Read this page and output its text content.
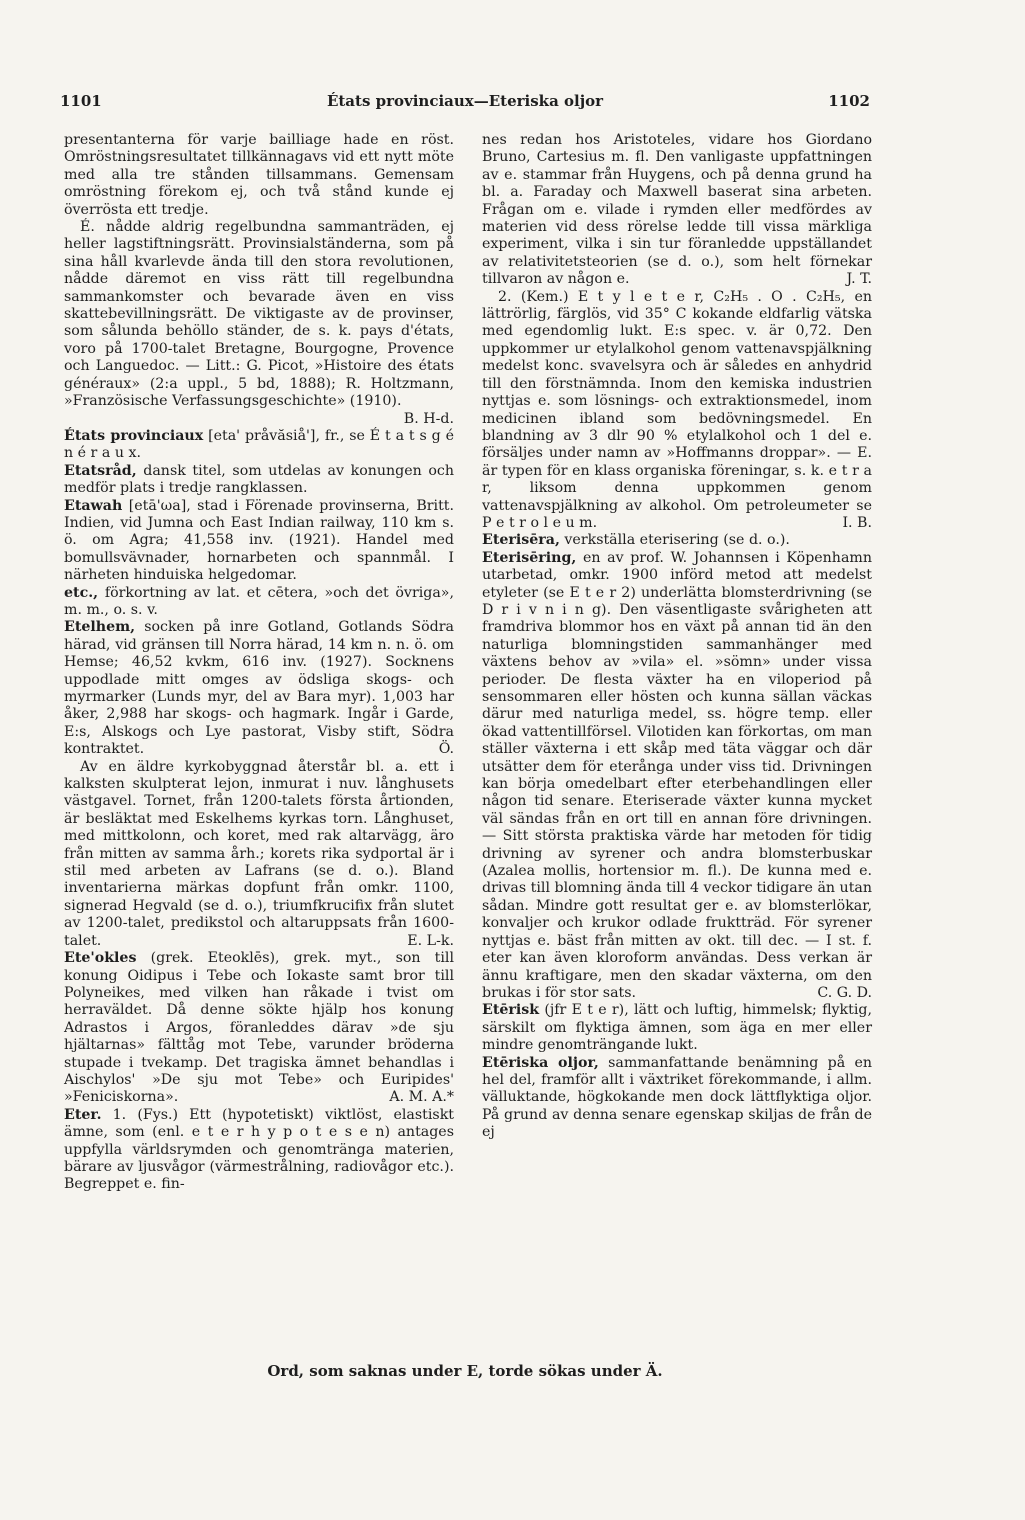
1101	États provinciaux—Eteriska oljor	1102

presentanterna för varje bailliage hade en röst. Omröstningsresultatet tillkännagavs vid ett nytt möte med alla tre stånden tillsammans. Gemensam omröstning förekom ej, och två stånd kunde ej överrösta ett tredje.

É. nådde aldrig regelbundna sammanträden, ej heller lagstiftningsrätt. Provinsialständerna, som på sina håll kvarlevde ända till den stora revolutionen, nådde däremot en viss rätt till regelbundna sammankomster och bevarade även en viss skattebevillningsrätt. De viktigaste av de provinser, som sålunda behöllo ständer, de s. k. pays d'états, voro på 1700-talet Bretagne, Bourgogne, Provence och Languedoc. — Litt.: G. Picot, »Histoire des états généraux» (2:a uppl., 5 bd, 1888); R. Holtzmann, »Französische Verfassungsgeschichte» (1910).
B. H-d.

États provinciaux [eta' pråvăsiå'], fr., se É t a t s g é n é r a u x.

Etatsråd, dansk titel, som utdelas av konungen och medför plats i tredje rangklassen.

Etawah [etā'ωa], stad i Förenade provinserna, Britt. Indien, vid Jumna och East Indian railway, 110 km s. ö. om Agra; 41,558 inv. (1921). Handel med bomullsvävnader, hornarbeten och spannmål. I närheten hinduiska helgedomar.

etc., förkortning av lat. et cētera, »och det övriga», m. m., o. s. v.

Etelhem, socken på inre Gotland, Gotlands Södra härad, vid gränsen till Norra härad, 14 km n. n. ö. om Hemse; 46,52 kvkm, 616 inv. (1927). Socknens uppodlade mitt omges av ödsliga skogs- och myrmarker (Lunds myr, del av Bara myr). 1,003 har åker, 2,988 har skogs- och hagmark. Ingår i Garde, E:s, Alskogs och Lye pastorat, Visby stift, Södra kontraktet.	Ö.

Av en äldre kyrkobyggnad återstår bl. a. ett i kalksten skulpterat lejon, inmurat i nuv. långhusets västgavel. Tornet, från 1200-talets första årtionden, är besläktat med Eskelhems kyrkas torn. Långhuset, med mittkolonn, och koret, med rak altarvägg, äro från mitten av samma årh.; korets rika sydportal är i stil med arbeten av Lafrans (se d. o.). Bland inventarierna märkas dopfunt från omkr. 1100, signerad Hegvald (se d. o.), triumfkrucifix från slutet av 1200-talet, predikstol och altaruppsats från 1600-talet.	E. L-k.

Ete'okles (grek. Eteoklēs), grek. myt., son till konung Oidipus i Tebe och Iokaste samt bror till Polyneikes, med vilken han råkade i tvist om herraväldet. Då denne sökte hjälp hos konung Adrastos i Argos, föranleddes därav »de sju hjältarnas» fälttåg mot Tebe, varunder bröderna stupade i tvekamp. Det tragiska ämnet behandlas i Aischylos' »De sju mot Tebe» och Euripides' »Feniciskorna».	A. M. A.*

Eter. 1. (Fys.) Ett (hypotetiskt) viktlöst, elastiskt ämne, som (enl. e t e r h y p o t e s e n) antages uppfylla världsrymden och genomtränga materien, bärare av ljusvågor (värmestrålning, radiovågor etc.). Begreppet e. fin-

nes redan hos Aristoteles, vidare hos Giordano Bruno, Cartesius m. fl. Den vanligaste uppfattningen av e. stammar från Huygens, och på denna grund ha bl. a. Faraday och Maxwell baserat sina arbeten. Frågan om e. vilade i rymden eller medfördes av materien vid dess rörelse ledde till vissa märkliga experiment, vilka i sin tur föranledde uppställandet av relativitetsteorien (se d. o.), som helt förnekar tillvaron av någon e.	J. T.

2. (Kem.) E t y l e t e r, C₂H₅ . O . C₂H₅, en lättrörlig, färglös, vid 35° C kokande eldfarlig vätska med egendomlig lukt. E:s spec. v. är 0,72. Den uppkommer ur etylalkohol genom vattenavspjälkning medelst konc. svavelsyra och är således en anhydrid till den förstnämnda. Inom den kemiska industrien nyttjas e. som lösnings- och extraktionsmedel, inom medicinen ibland som bedövningsmedel. En blandning av 3 dlr 90 % etylalkohol och 1 del e. försäljes under namn av »Hoffmanns droppar». — E. är typen för en klass organiska föreningar, s. k. e t r a r, liksom denna uppkommen genom vattenavspjälkning av alkohol. Om petroleumeter se P e t r o l e u m.	I. B.

Eterisēra, verkställa eterisering (se d. o.).

Eterisēring, en av prof. W. Johannsen i Köpenhamn utarbetad, omkr. 1900 införd metod att medelst etyleter (se E t e r 2) underlätta blomsterdrivning (se D r i v n i n g). Den väsentligaste svårigheten att framdriva blommor hos en växt på annan tid än den naturliga blomningstiden sammanhänger med växtens behov av »vila» el. »sömn» under vissa perioder. De flesta växter ha en viloperiod på sensommaren eller hösten och kunna sällan väckas därur med naturliga medel, ss. högre temp. eller ökad vattentillförsel. Vilotiden kan förkortas, om man ställer växterna i ett skåp med täta väggar och där utsätter dem för eterånga under viss tid. Drivningen kan börja omedelbart efter eterbehandlingen eller någon tid senare. Eteriserade växter kunna mycket väl sändas från en ort till en annan före drivningen. — Sitt största praktiska värde har metoden för tidig drivning av syrener och andra blomsterbuskar (Azalea mollis, hortensior m. fl.). De kunna med e. drivas till blomning ända till 4 veckor tidigare än utan sådan. Mindre gott resultat ger e. av blomsterlökar, konvaljer och krukor odlade fruktträd. För syrener nyttjas e. bäst från mitten av okt. till dec. — I st. f. eter kan även kloroform användas. Dess verkan är ännu kraftigare, men den skadar växterna, om den brukas i för stor sats.	C. G. D.

Etērisk (jfr E t e r), lätt och luftig, himmelsk; flyktig, särskilt om flyktiga ämnen, som äga en mer eller mindre genomträngande lukt.

Etēriska oljor, sammanfattande benämning på en hel del, framför allt i växtriket förekommande, i allm. välluktande, högkokande men dock lättflyktiga oljor. På grund av denna senare egenskap skiljas de från de ej

Ord, som saknas under E, torde sökas under Ä.
